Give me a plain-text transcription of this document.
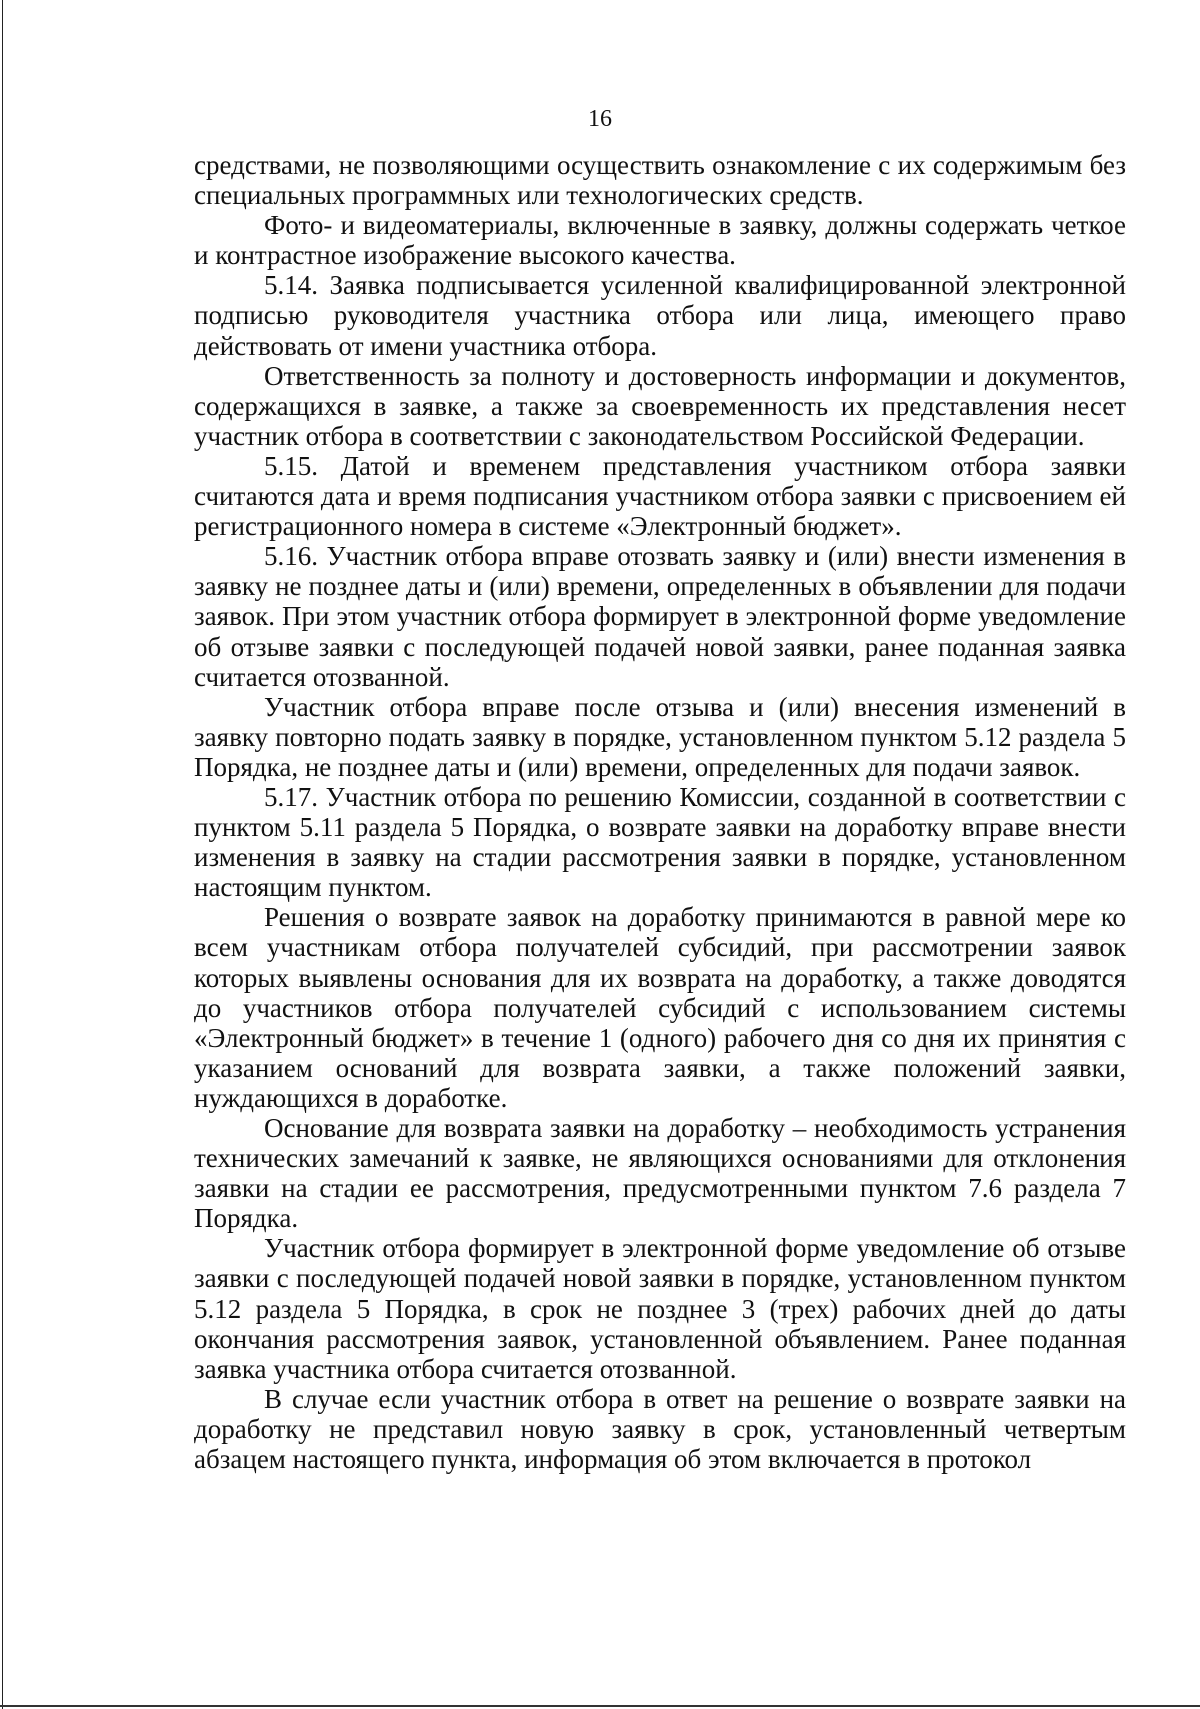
16

средствами, не позволяющими осуществить ознакомление с их содержимым без специальных программных или технологических средств.

Фото- и видеоматериалы, включенные в заявку, должны содержать четкое и контрастное изображение высокого качества.

5.14. Заявка подписывается усиленной квалифицированной электронной подписью руководителя участника отбора или лица, имеющего право действовать от имени участника отбора.

Ответственность за полноту и достоверность информации и документов, содержащихся в заявке, а также за своевременность их представления несет участник отбора в соответствии с законодательством Российской Федерации.

5.15. Датой и временем представления участником отбора заявки считаются дата и время подписания участником отбора заявки с присвоением ей регистрационного номера в системе «Электронный бюджет».

5.16. Участник отбора вправе отозвать заявку и (или) внести изменения в заявку не позднее даты и (или) времени, определенных в объявлении для подачи заявок. При этом участник отбора формирует в электронной форме уведомление об отзыве заявки с последующей подачей новой заявки, ранее поданная заявка считается отозванной.

Участник отбора вправе после отзыва и (или) внесения изменений в заявку повторно подать заявку в порядке, установленном пунктом 5.12 раздела 5 Порядка, не позднее даты и (или) времени, определенных для подачи заявок.

5.17. Участник отбора по решению Комиссии, созданной в соответствии с пунктом 5.11 раздела 5 Порядка, о возврате заявки на доработку вправе внести изменения в заявку на стадии рассмотрения заявки в порядке, установленном настоящим пунктом.

Решения о возврате заявок на доработку принимаются в равной мере ко всем участникам отбора получателей субсидий, при рассмотрении заявок которых выявлены основания для их возврата на доработку, а также доводятся до участников отбора получателей субсидий с использованием системы «Электронный бюджет» в течение 1 (одного) рабочего дня со дня их принятия с указанием оснований для возврата заявки, а также положений заявки, нуждающихся в доработке.

Основание для возврата заявки на доработку – необходимость устранения технических замечаний к заявке, не являющихся основаниями для отклонения заявки на стадии ее рассмотрения, предусмотренными пунктом 7.6 раздела 7 Порядка.

Участник отбора формирует в электронной форме уведомление об отзыве заявки с последующей подачей новой заявки в порядке, установленном пунктом 5.12 раздела 5 Порядка, в срок не позднее 3 (трех) рабочих дней до даты окончания рассмотрения заявок, установленной объявлением. Ранее поданная заявка участника отбора считается отозванной.

В случае если участник отбора в ответ на решение о возврате заявки на доработку не представил новую заявку в срок, установленный четвертым абзацем настоящего пункта, информация об этом включается в протокол
